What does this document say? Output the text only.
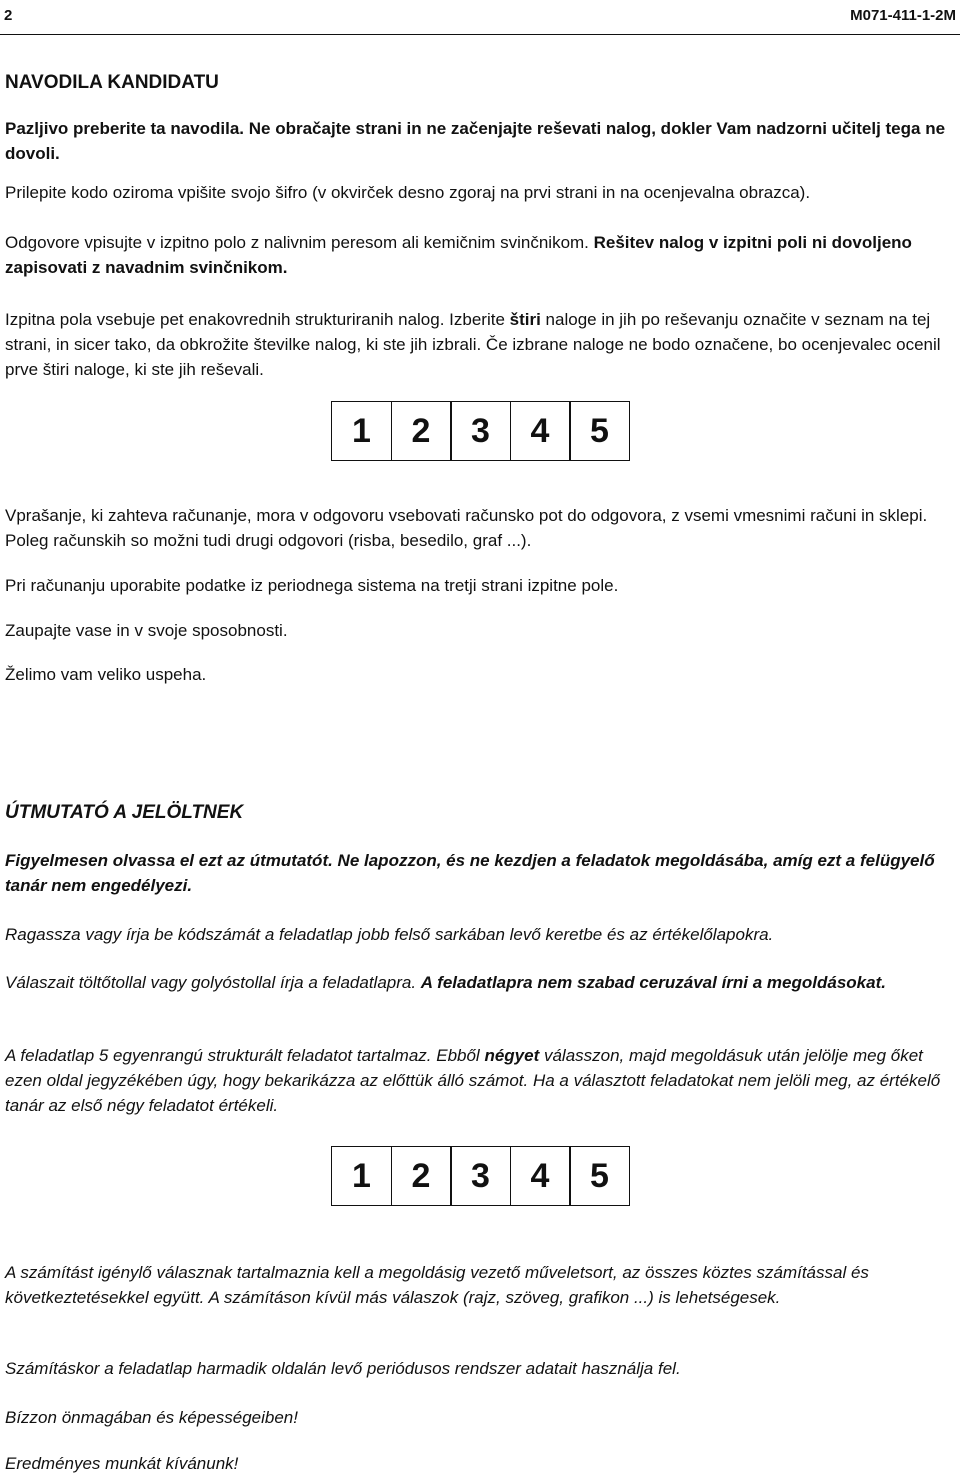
2	M071-411-1-2M

NAVODILA KANDIDATU

Pazljivo preberite ta navodila. Ne obračajte strani in ne začenjajte reševati nalog, dokler Vam nadzorni učitelj tega ne dovoli.

Prilepite kodo oziroma vpišite svojo šifro (v okvirček desno zgoraj na prvi strani in na ocenjevalna obrazca).

Odgovore vpisujte v izpitno polo z nalivnim peresom ali kemičnim svinčnikom. Rešitev nalog v izpitni poli ni dovoljeno zapisovati z navadnim svinčnikom.

Izpitna pola vsebuje pet enakovrednih strukturiranih nalog. Izberite štiri naloge in jih po reševanju označite v seznam na tej strani, in sicer tako, da obkrožite številke nalog, ki ste jih izbrali. Če izbrane naloge ne bodo označene, bo ocenjevalec ocenil prve štiri naloge, ki ste jih reševali.

1	2	3	4	5

Vprašanje, ki zahteva računanje, mora v odgovoru vsebovati računsko pot do odgovora, z vsemi vmesnimi računi in sklepi. Poleg računskih so možni tudi drugi odgovori (risba, besedilo, graf ...).

Pri računanju uporabite podatke iz periodnega sistema na tretji strani izpitne pole.

Zaupajte vase in v svoje sposobnosti.

Želimo vam veliko uspeha.

ÚTMUTATÓ A JELÖLTNEK

Figyelmesen olvassa el ezt az útmutatót. Ne lapozzon, és ne kezdjen a feladatok megoldásába, amíg ezt a felügyelő tanár nem engedélyezi.

Ragassza vagy írja be kódszámát a feladatlap jobb felső sarkában levő keretbe és az értékelőlapokra.

Válaszait töltőtollal vagy golyóstollal írja a feladatlapra. A feladatlapra nem szabad ceruzával írni a megoldásokat.

A feladatlap 5 egyenrangú strukturált feladatot tartalmaz. Ebből négyet válasszon, majd megoldásuk után jelölje meg őket ezen oldal jegyzékében úgy, hogy bekarikázza az előttük álló számot. Ha a választott feladatokat nem jelöli meg, az értékelő tanár az első négy feladatot értékeli.

1	2	3	4	5

A számítást igénylő válasznak tartalmaznia kell a megoldásig vezető műveletsort, az összes köztes számítással és következtetésekkel együtt. A számításon kívül más válaszok (rajz, szöveg, grafikon ...) is lehetségesek.

Számításkor a feladatlap harmadik oldalán levő periódusos rendszer adatait használja fel.

Bízzon önmagában és képességeiben!

Eredményes munkát kívánunk!
